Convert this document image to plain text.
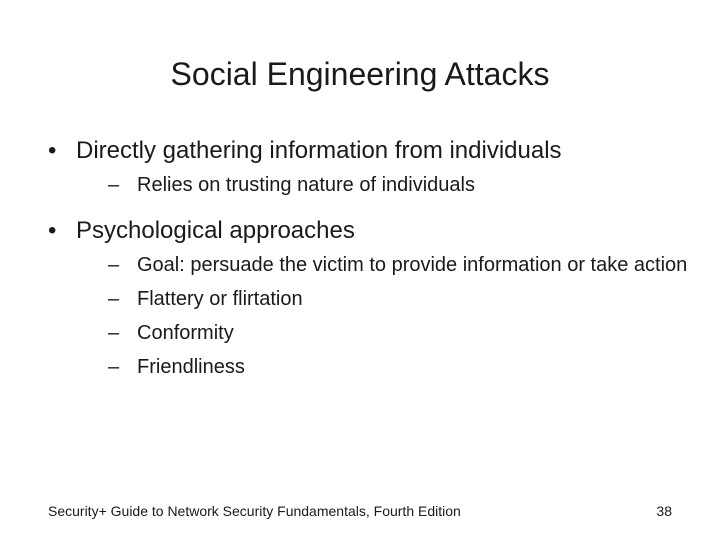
Social Engineering Attacks
• Directly gathering information from individuals
– Relies on trusting nature of individuals
• Psychological approaches
– Goal: persuade the victim to provide information or take action
– Flattery or flirtation
– Conformity
– Friendliness
Security+ Guide to Network Security Fundamentals, Fourth Edition	38
